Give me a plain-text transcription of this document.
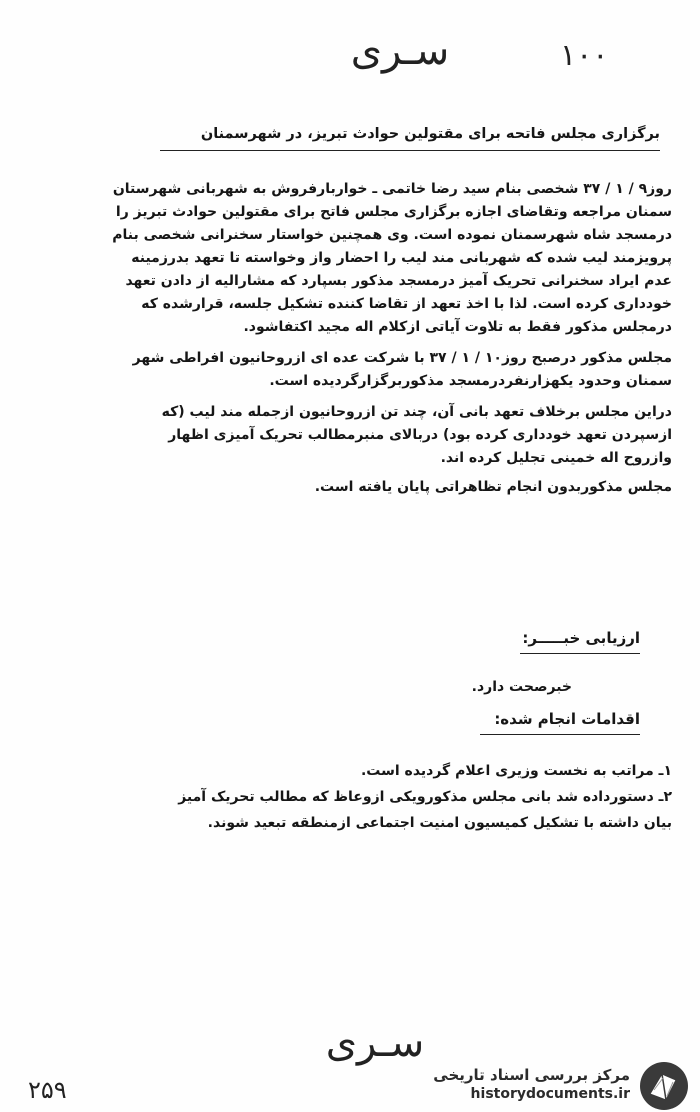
سـری	۱۰۰
برگزاری مجلس فاتحه برای مقتولین حوادث تبریز، در شهرسمنان
روز۹ / ۱ / ۳۷ شخصی بنام سید رضا خاتمی ـ خواربارفروش به شهربانی شهرستان
سمنان مراجعه وتقاضای اجازه برگزاری مجلس فاتح برای مقتولین حوادث تبریز را
درمسجد شاه شهرسمنان نموده است. وی همچنین خواستار سخنرانی شخصی بنام
پرویزمند لیب شده که شهربانی مند لیب را احضار واز وخواسته تا تعهد بدرزمینه
عدم ایراد سخنرانی تحریک آمیز درمسجد مذکور بسپارد که مشارالیه از دادن تعهد
خودداری کرده است. لذا با اخذ تعهد از تقاضا کننده تشکیل جلسه، قرارشده که
درمجلس مذکور فقط به تلاوت آیاتی ازکلام اله مجید اکتفاشود.
مجلس مذکور درصبح روز۱۰ / ۱ / ۳۷ با شرکت عده ای ازروحانیون افراطی شهر
سمنان وحدود یکهزارنفردرمسجد مذکوربرگزارگردیده است.
دراین مجلس برخلاف تعهد بانی آن، چند تن ازروحانیون ازجمله مند لیب (که
ازسپردن تعهد خودداری کرده بود) دربالای منبرمطالب تحریک آمیزی اظهار
وازروح اله خمینی تجلیل کرده اند.
مجلس مذکوربدون انجام تظاهراتی پایان یافته است.
ارزیابی خبـــــر:
خبرصحت دارد.
اقدامات انجام شده:
۱ـ مراتب به نخست وزیری اعلام گردیده است.
۲ـ دستورداده شد بانی مجلس مذکورویکی ازوعاظ که مطالب تحریک آمیز
بیان داشته با تشکیل کمیسیون امنیت اجتماعی ازمنطقه تبعید شوند.
سـری
۲۵۹
مرکز بررسی اسناد تاریخی
historydocuments.ir
